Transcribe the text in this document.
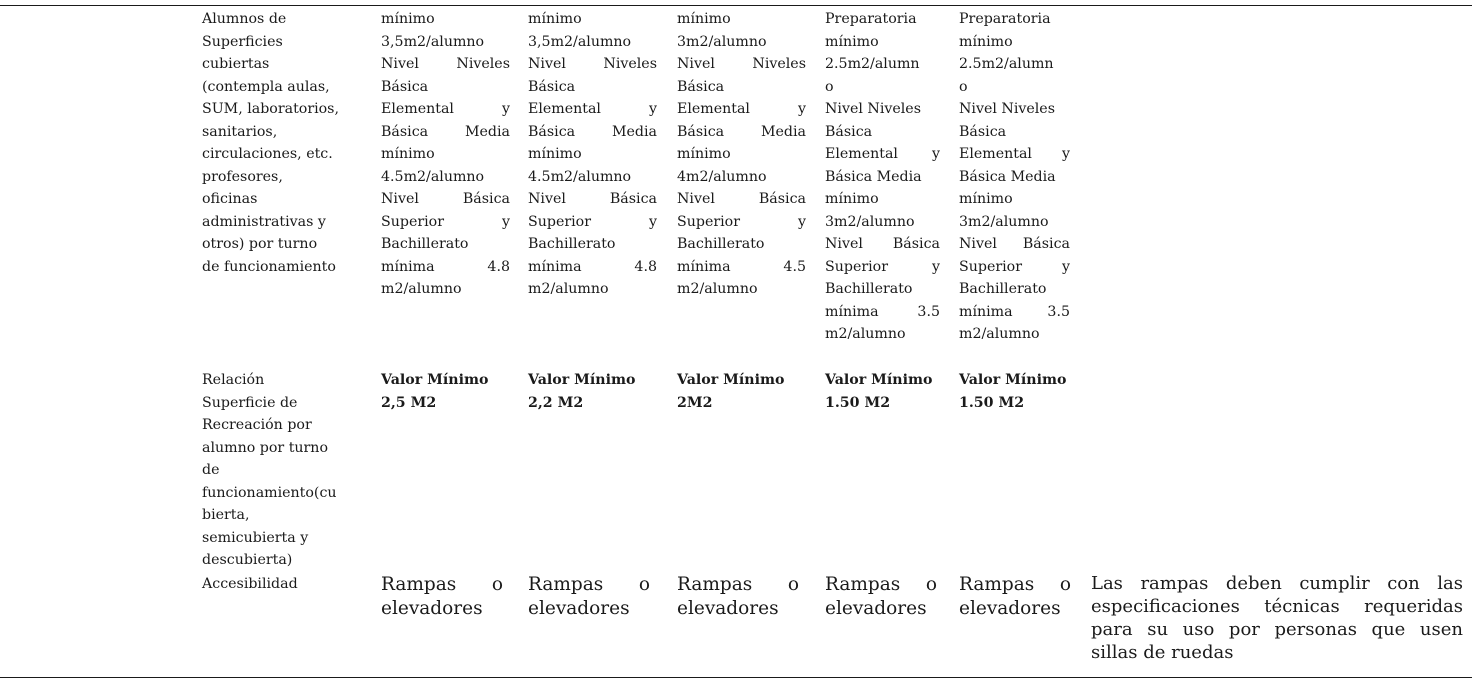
Alumnos de
Superficies
cubiertas
(contempla aulas,
SUM, laboratorios,
sanitarios,
circulaciones, etc.
profesores,
oficinas
administrativas y
otros) por turno
de funcionamiento
mínimo
3,5m2/alumno
Nivel Niveles
Básica
Elemental y
Básica Media
mínimo
4.5m2/alumno
Nivel Básica
Superior y
Bachillerato
mínima 4.8
m2/alumno
mínimo
3,5m2/alumno
Nivel Niveles
Básica
Elemental y
Básica Media
mínimo
4.5m2/alumno
Nivel Básica
Superior y
Bachillerato
mínima 4.8
m2/alumno
mínimo
3m2/alumno
Nivel Niveles
Básica
Elemental y
Básica Media
mínimo
4m2/alumno
Nivel Básica
Superior y
Bachillerato
mínima 4.5
m2/alumno
Preparatoria
mínimo
2.5m2/alumn
o
Nivel Niveles
Básica
Elemental y
Básica Media
mínimo
3m2/alumno
Nivel Básica
Superior y
Bachillerato
mínima 3.5
m2/alumno
Preparatoria
mínimo
2.5m2/alumn
o
Nivel Niveles
Básica
Elemental y
Básica Media
mínimo
3m2/alumno
Nivel Básica
Superior y
Bachillerato
mínima 3.5
m2/alumno
Relación
Superficie de
Recreación por
alumno por turno
de
funcionamiento(cu
bierta,
semicubierta y
descubierta)
Valor Mínimo
2,5 M2
Valor Mínimo
2,2 M2
Valor Mínimo
2M2
Valor Mínimo
1.50 M2
Valor Mínimo
1.50 M2
Accesibilidad	Rampas o
elevadores
Rampas o
elevadores
Rampas o
elevadores
Rampas o
elevadores
Rampas o
elevadores
Las rampas deben cumplir con las
especificaciones técnicas requeridas
para su uso por personas que usen
sillas de ruedas
